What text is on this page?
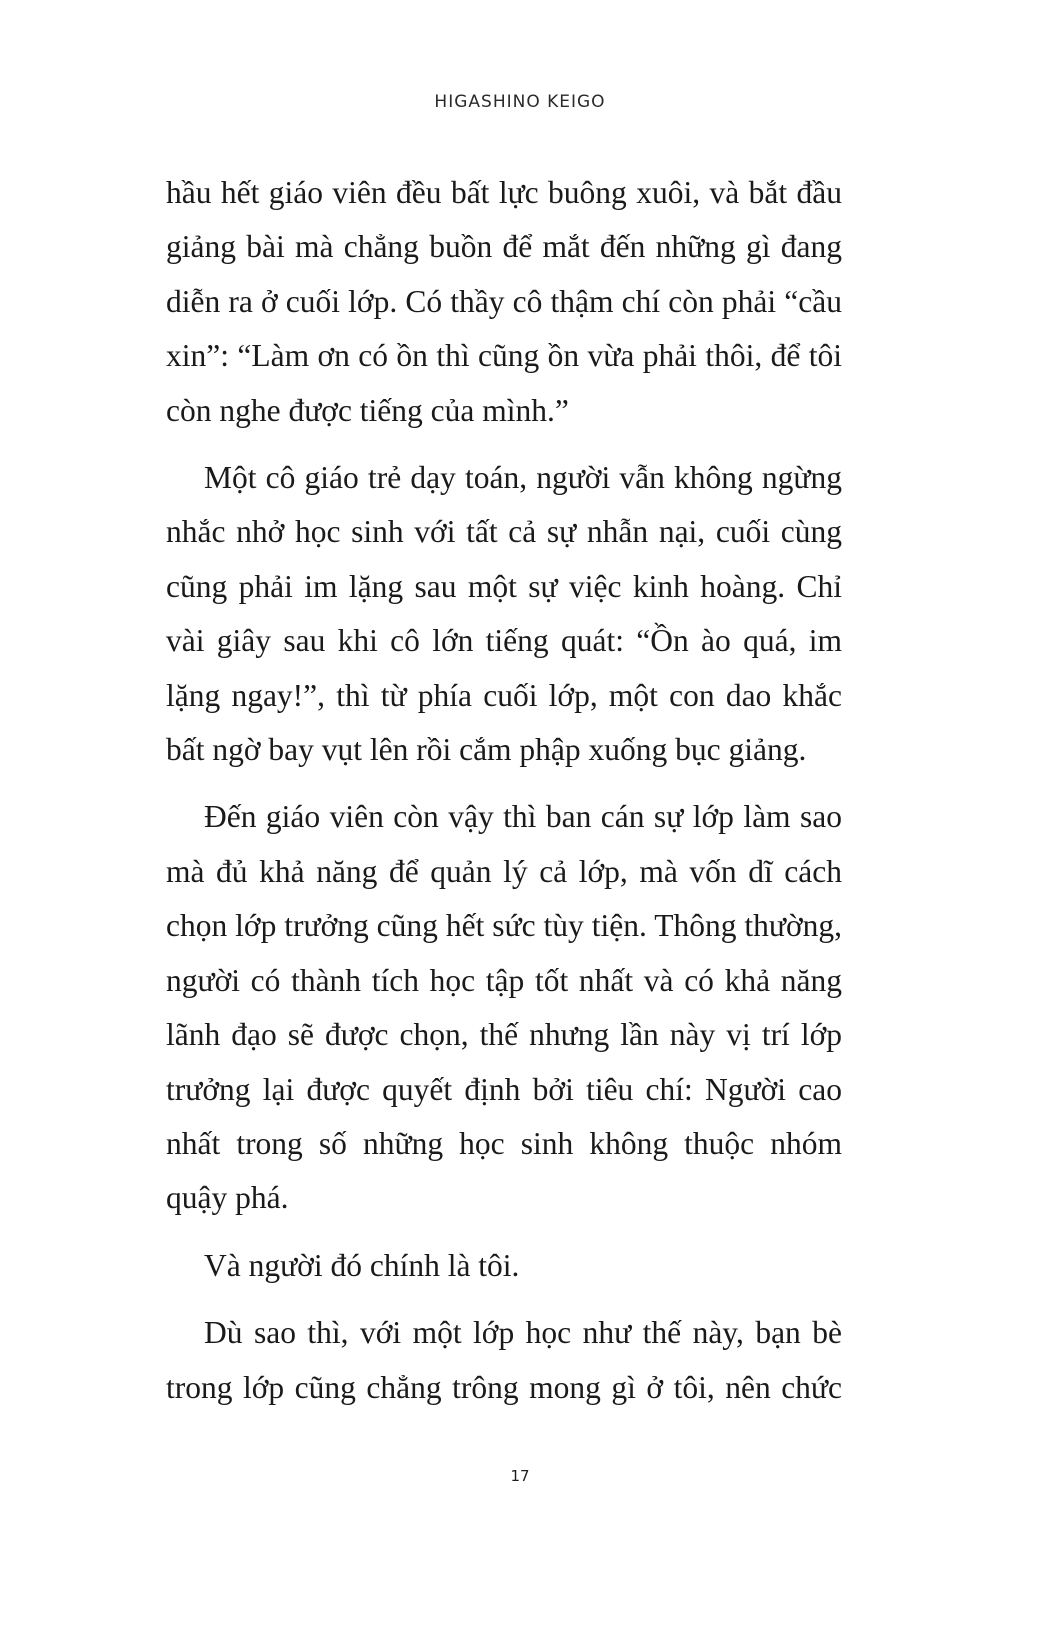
HIGASHINO KEIGO

hầu hết giáo viên đều bất lực buông xuôi, và bắt đầu giảng bài mà chẳng buồn để mắt đến những gì đang diễn ra ở cuối lớp. Có thầy cô thậm chí còn phải “cầu xin”: “Làm ơn có ồn thì cũng ồn vừa phải thôi, để tôi còn nghe được tiếng của mình.”

Một cô giáo trẻ dạy toán, người vẫn không ngừng nhắc nhở học sinh với tất cả sự nhẫn nại, cuối cùng cũng phải im lặng sau một sự việc kinh hoàng. Chỉ vài giây sau khi cô lớn tiếng quát: “Ồn ào quá, im lặng ngay!”, thì từ phía cuối lớp, một con dao khắc bất ngờ bay vụt lên rồi cắm phập xuống bục giảng.

Đến giáo viên còn vậy thì ban cán sự lớp làm sao mà đủ khả năng để quản lý cả lớp, mà vốn dĩ cách chọn lớp trưởng cũng hết sức tùy tiện. Thông thường, người có thành tích học tập tốt nhất và có khả năng lãnh đạo sẽ được chọn, thế nhưng lần này vị trí lớp trưởng lại được quyết định bởi tiêu chí: Người cao nhất trong số những học sinh không thuộc nhóm quậy phá.

Và người đó chính là tôi.

Dù sao thì, với một lớp học như thế này, bạn bè trong lớp cũng chẳng trông mong gì ở tôi, nên chức

17
